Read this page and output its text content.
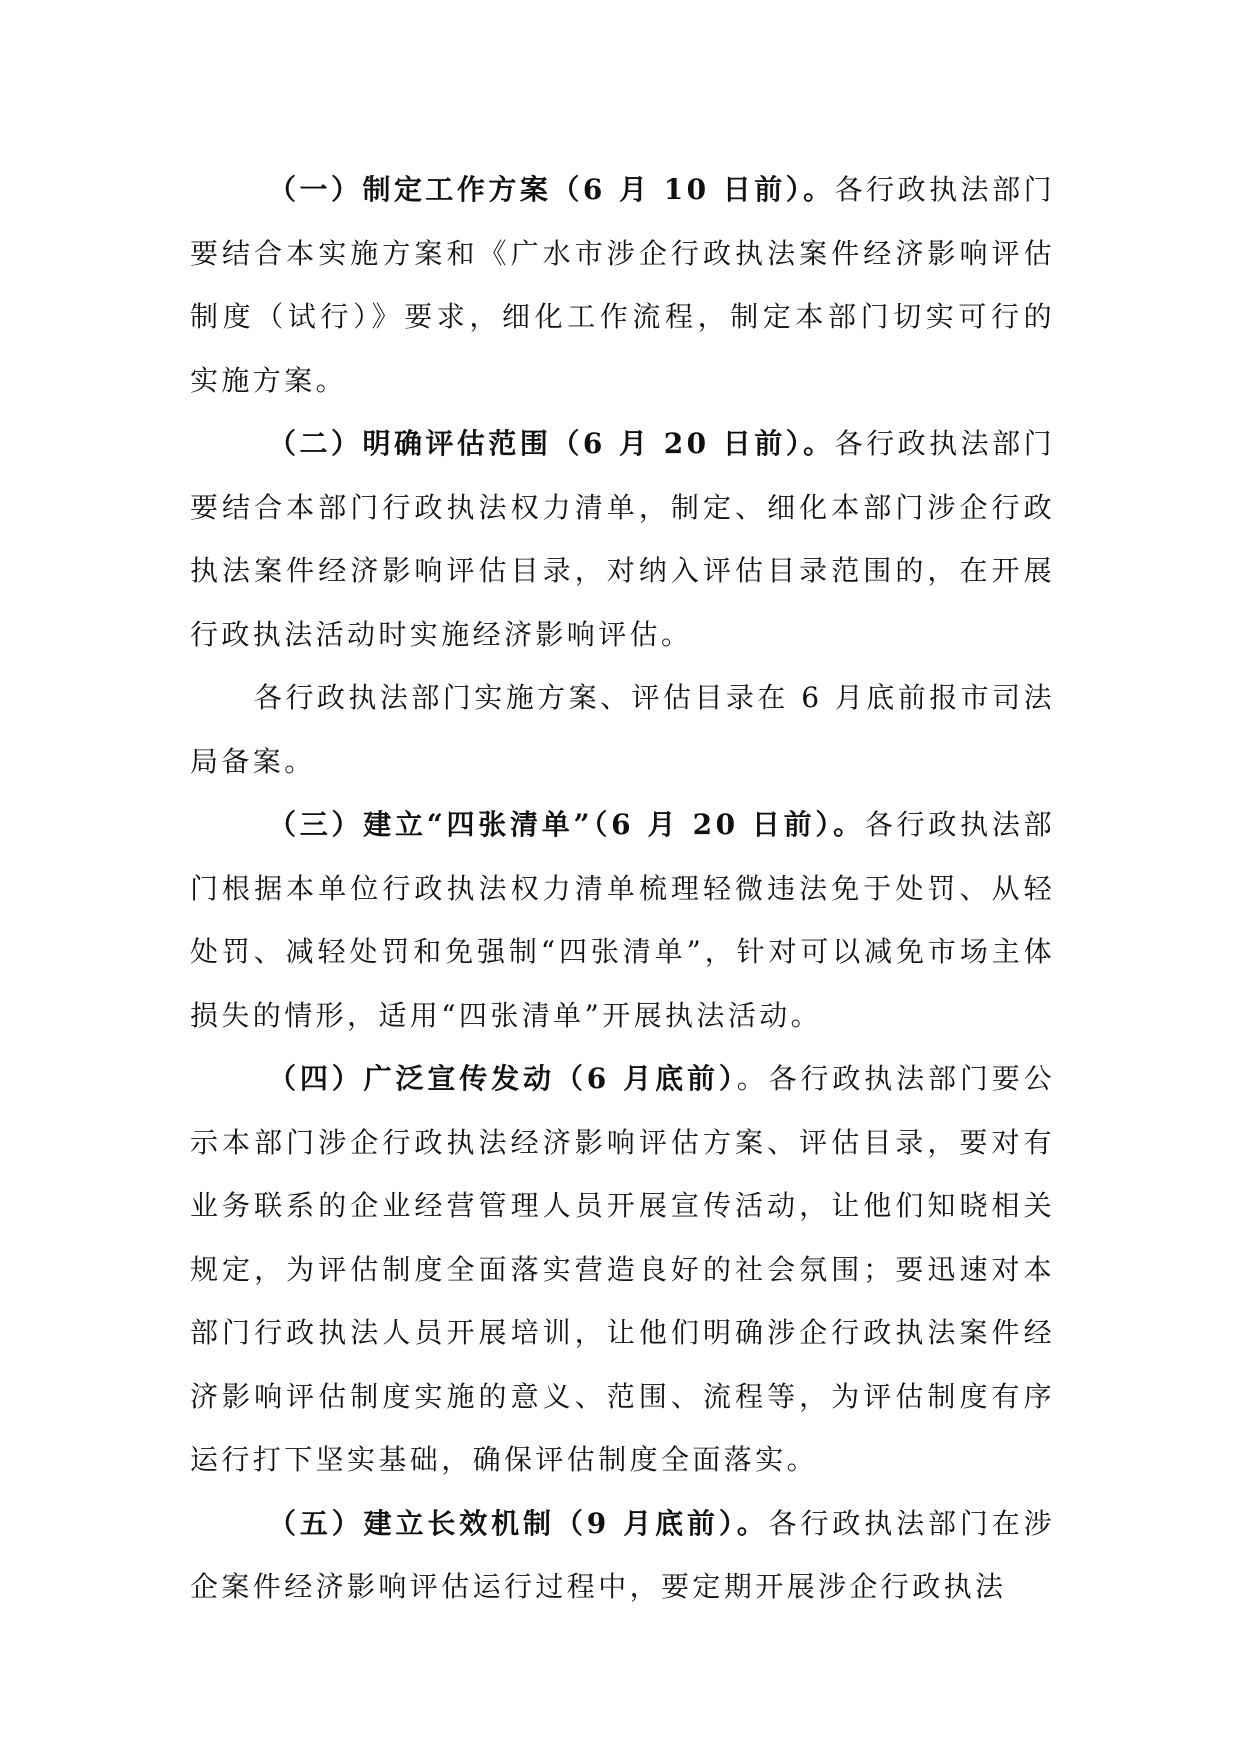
（一）制定工作方案（6 月 10 日前）。各行政执法部门要结合本实施方案和《广水市涉企行政执法案件经济影响评估制度（试行）》要求，细化工作流程，制定本部门切实可行的实施方案。

（二）明确评估范围（6 月 20 日前）。各行政执法部门要结合本部门行政执法权力清单，制定、细化本部门涉企行政执法案件经济影响评估目录，对纳入评估目录范围的，在开展行政执法活动时实施经济影响评估。

各行政执法部门实施方案、评估目录在 6 月底前报市司法局备案。

（三）建立“四张清单”（6 月 20 日前）。各行政执法部门根据本单位行政执法权力清单梳理轻微违法免于处罚、从轻处罚、减轻处罚和免强制“四张清单”，针对可以减免市场主体损失的情形，适用“四张清单”开展执法活动。

（四）广泛宣传发动（6 月底前）。各行政执法部门要公示本部门涉企行政执法经济影响评估方案、评估目录，要对有业务联系的企业经营管理人员开展宣传活动，让他们知晓相关规定，为评估制度全面落实营造良好的社会氛围；要迅速对本部门行政执法人员开展培训，让他们明确涉企行政执法案件经济影响评估制度实施的意义、范围、流程等，为评估制度有序运行打下坚实基础，确保评估制度全面落实。

（五）建立长效机制（9 月底前）。各行政执法部门在涉企案件经济影响评估运行过程中，要定期开展涉企行政执法
